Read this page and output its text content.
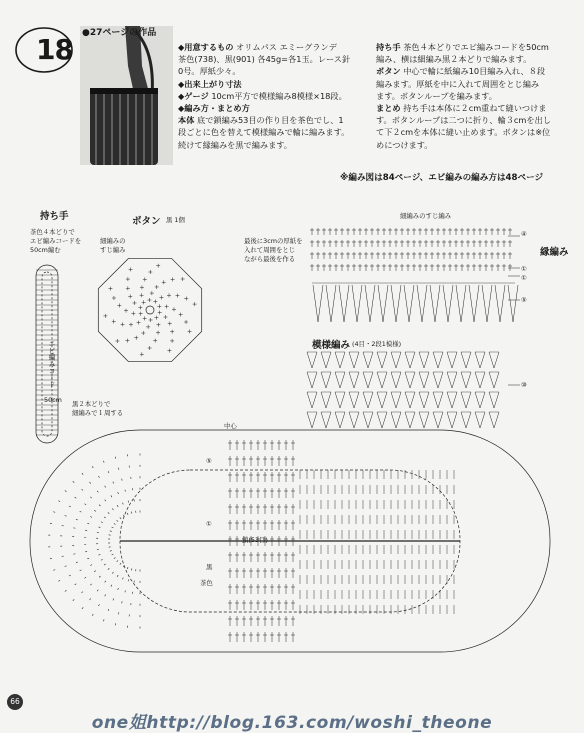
18 ●27ページの作品
◆用意するもの オリムパス エミーグランデ
茶色(738)、黒(901) 各45g=各1玉。レース針
0号。厚紙少々。
◆出来上がり寸法
◆ゲージ 10cm平方で模様編み8模様×18段。
◆編み方・まとめ方
本体 底で鎖編み53目の作り目を茶色でし、1
段ごとに色を替えて模様編みで輪に編みます。
続けて縁編みを黒で編みます。
持ち手 茶色４本どりでエビ編みコードを50cm
編み、横は細編み黒２本どりで編みます。
ボタン 中心で輪に紙編み10目編み入れ、８段
編みます。厚紙を中に入れて周囲をとじ編み
ます。ボタンループを編みます。
まとめ 持ち手は本体に２cm重ねて縫いつけま
す。ボタンループは二つに折り、輪３cmを出し
て下２cmを本体に縫い止めます。ボタンは※位
めにつけます。
※編み図は84ページ、エビ編みの編み方は48ページ
持ち手
茶色４本どりで
エビ編みコードを
50cm編む
エビ編みコード
50cm 黒２本どりで
細編みで１周する
ボタン 黒 1個
細編みの
すじ編み
最後に3cmの厚紙を
入れて周囲をとじ
ながら最後を作る
細編みのすじ編み
縁編み
模様編み (4目・2段1模様)
中心
鎖(53目)
黒
茶色
④
①
①
⑤
⑩
⑤
①
66
one姐http://blog.163.com/woshi_theone
